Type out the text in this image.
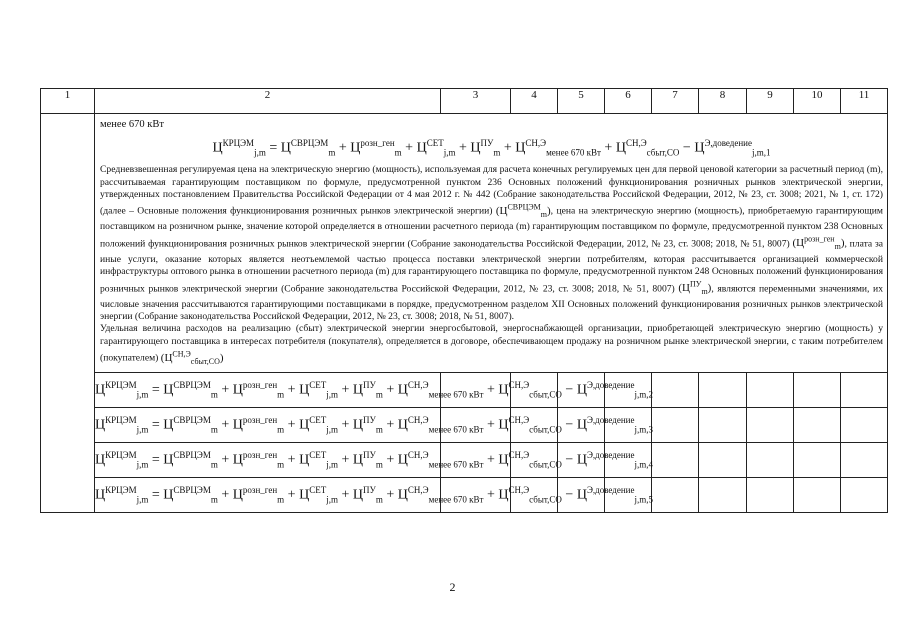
1	2	3	4	5	6	7	8	9	10	11

	менее 670 кВт
$Ц^{КРЦЭМ}_{j,m} = Ц^{СВРЦЭМ}_m + Ц^{розн\_ген}_m + Ц^{СЕТ}_{j,m} + Ц^{ПУ}_m + Ц^{СН,Э}_{менее 670 кВт} + Ц^{СН,Э}_{сбыт,СО} - Ц^{Э,доведение}_{j,m,1}$

Средневзвешенная регулируемая цена на электрическую энергию (мощность), используемая для расчета конечных регулируемых цен для первой ценовой категории за расчетный период (m), рассчитываемая гарантирующим поставщиком по формуле, предусмотренной пунктом 236 Основных положений функционирования розничных рынков электрической энергии, утвержденных постановлением Правительства Российской Федерации от 4 мая 2012 г. № 442 (Собрание законодательства Российской Федерации, 2012, № 23, ст. 3008; 2021, № 1, ст. 172) (далее – Основные положения функционирования розничных рынков электрической энергии) $(Ц^{СВРЦЭМ}_m)$, цена на электрическую энергию (мощность), приобретаемую гарантирующим поставщиком на розничном рынке, значение которой определяется в отношении расчетного периода (m) гарантирующим поставщиком по формуле, предусмотренной пунктом 238 Основных положений функционирования розничных рынков электрической энергии (Собрание законодательства Российской Федерации, 2012, № 23, ст. 3008; 2018, № 51, 8007) $(Ц^{розн\_ген}_m)$, плата за иные услуги, оказание которых является неотъемлемой частью процесса поставки электрической энергии потребителям, которая рассчитывается организацией коммерческой инфраструктуры оптового рынка в отношении расчетного периода (m) для гарантирующего поставщика по формуле, предусмотренной пунктом 248 Основных положений функционирования розничных рынков электрической энергии (Собрание законодательства Российской Федерации, 2012, № 23, ст. 3008; 2018, № 51, 8007) $(Ц^{ПУ}_m)$, являются переменными значениями, их числовые значения рассчитываются гарантирующими поставщиками в порядке, предусмотренном разделом XII Основных положений функционирования розничных рынков электрической энергии (Собрание законодательства Российской Федерации, 2012, № 23, ст. 3008; 2018, № 51, 8007).

Удельная величина расходов на реализацию (сбыт) электрической энергии энергосбытовой, энергоснабжающей организации, приобретающей электрическую энергию (мощность) у гарантирующего поставщика в интересах потребителя (покупателя), определяется в договоре, обеспечивающем продажу на розничном рынке электрической энергии, с таким потребителем (покупателем) $(Ц^{СН,Э}_{сбыт,СО})$									

	$Ц^{КРЦЭМ}_{j,m} = Ц^{СВРЦЭМ}_m + Ц^{розн\_ген}_m + Ц^{СЕТ}_{j,m} + Ц^{ПУ}_m + Ц^{СН,Э}_{менее 670 кВт} + Ц^{СН,Э}_{сбыт,СО} - Ц^{Э,доведение}_{j,m,2}$

	$Ц^{КРЦЭМ}_{j,m} = Ц^{СВРЦЭМ}_m + Ц^{розн\_ген}_m + Ц^{СЕТ}_{j,m} + Ц^{ПУ}_m + Ц^{СН,Э}_{менее 670 кВт} + Ц^{СН,Э}_{сбыт,СО} - Ц^{Э,доведение}_{j,m,3}$

	$Ц^{КРЦЭМ}_{j,m} = Ц^{СВРЦЭМ}_m + Ц^{розн\_ген}_m + Ц^{СЕТ}_{j,m} + Ц^{ПУ}_m + Ц^{СН,Э}_{менее 670 кВт} + Ц^{СН,Э}_{сбыт,СО} - Ц^{Э,доведение}_{j,m,4}$

	$Ц^{КРЦЭМ}_{j,m} = Ц^{СВРЦЭМ}_m + Ц^{розн\_ген}_m + Ц^{СЕТ}_{j,m} + Ц^{ПУ}_m + Ц^{СН,Э}_{менее 670 кВт} + Ц^{СН,Э}_{сбыт,СО} - Ц^{Э,доведение}_{j,m,5}$

2
